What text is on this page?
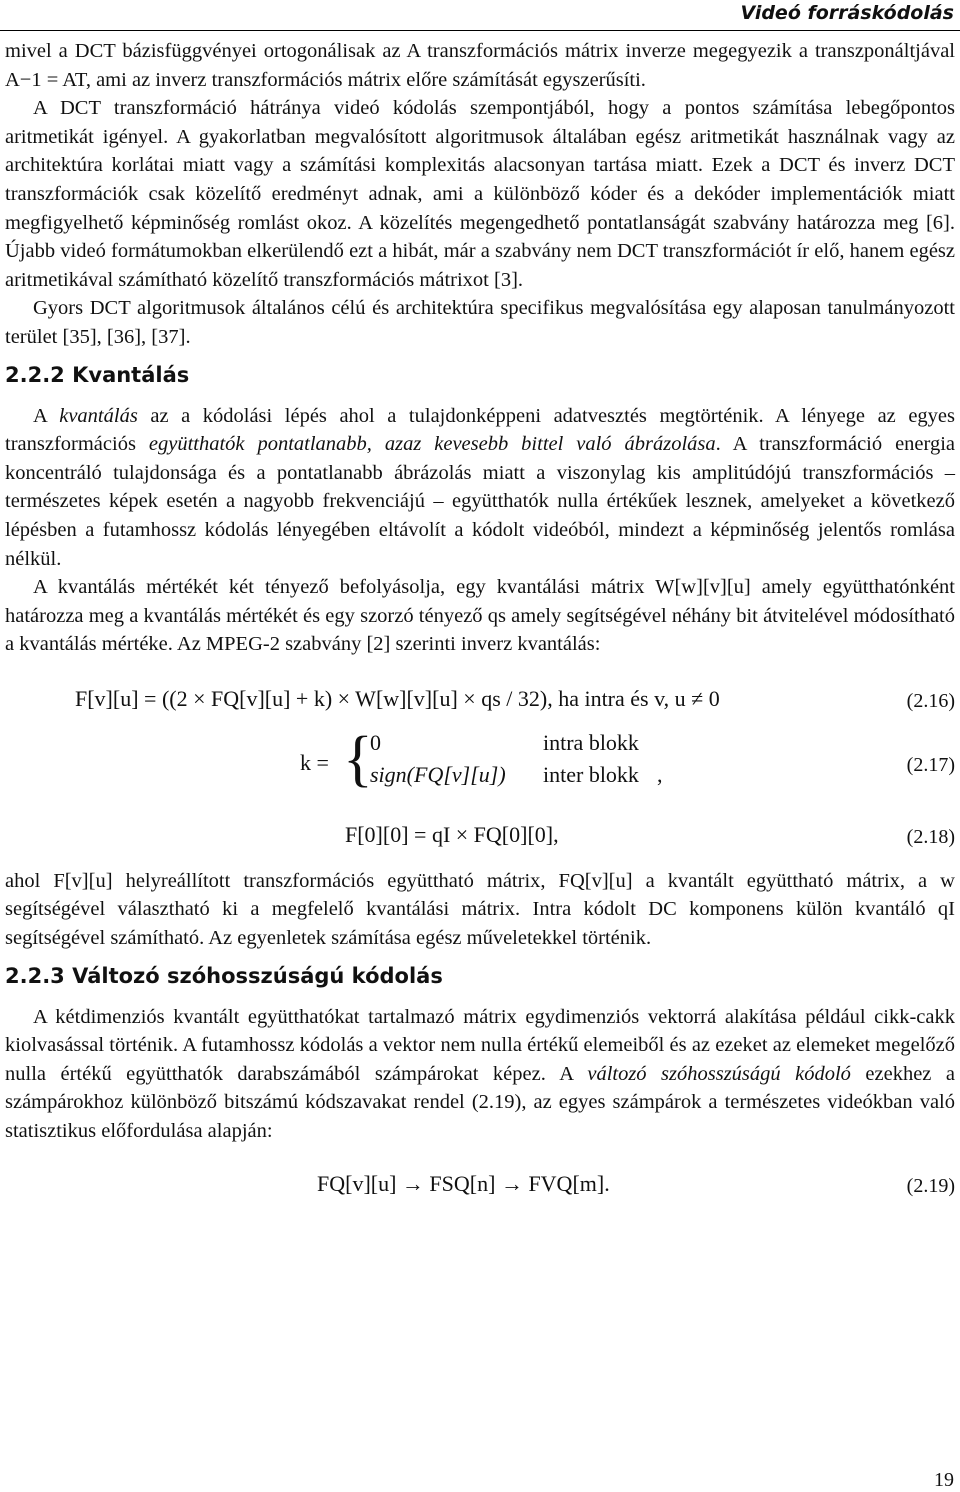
Videó forráskódolás

mivel a DCT bázisfüggvényei ortogonálisak az A transzformációs mátrix inverze megegyezik a transzponáltjával A−1 = AT, ami az inverz transzformációs mátrix előre számítását egyszerűsíti.

A DCT transzformáció hátránya videó kódolás szempontjából, hogy a pontos számítása lebegőpontos aritmetikát igényel. A gyakorlatban megvalósított algoritmusok általában egész aritmetikát használnak vagy az architektúra korlátai miatt vagy a számítási komplexitás alacsonyan tartása miatt. Ezek a DCT és inverz DCT transzformációk csak közelítő eredményt adnak, ami a különböző kóder és a dekóder implementációk miatt megfigyelhető képminőség romlást okoz. A közelítés megengedhető pontatlanságát szabvány határozza meg [6]. Újabb videó formátumokban elkerülendő ezt a hibát, már a szabvány nem DCT transzformációt ír elő, hanem egész aritmetikával számítható közelítő transzformációs mátrixot [3].

Gyors DCT algoritmusok általános célú és architektúra specifikus megvalósítása egy alaposan tanulmányozott terület [35], [36], [37].

2.2.2 Kvantálás

A kvantálás az a kódolási lépés ahol a tulajdonképpeni adatvesztés megtörténik. A lényege az egyes transzformációs együtthatók pontatlanabb, azaz kevesebb bittel való ábrázolása. A transzformáció energia koncentráló tulajdonsága és a pontatlanabb ábrázolás miatt a viszonylag kis amplitúdójú transzformációs – természetes képek esetén a nagyobb frekvenciájú – együtthatók nulla értékűek lesznek, amelyeket a következő lépésben a futamhossz kódolás lényegében eltávolít a kódolt videóból, mindezt a képminőség jelentős romlása nélkül.

A kvantálás mértékét két tényező befolyásolja, egy kvantálási mátrix W[w][v][u] amely együtthatónként határozza meg a kvantálás mértékét és egy szorzó tényező qs amely segítségével néhány bit átvitelével módosítható a kvantálás mértéke. Az MPEG-2 szabvány [2] szerinti inverz kvantálás:

F[v][u] = ((2 × FQ[v][u] + k) × W[w][v][u] × qs / 32), ha intra és v, u ≠ 0	(2.16)
k = {
0	intra blokk
sign(FQ[v][u]) inter blokk ,	(2.17)
F[0][0] = qI × FQ[0][0],	(2.18)

ahol F[v][u] helyreállított transzformációs együttható mátrix, FQ[v][u] a kvantált együttható mátrix, a w segítségével választható ki a megfelelő kvantálási mátrix. Intra kódolt DC komponens külön kvantáló qI segítségével számítható. Az egyenletek számítása egész műveletekkel történik.

2.2.3 Változó szóhosszúságú kódolás

A kétdimenziós kvantált együtthatókat tartalmazó mátrix egydimenziós vektorrá alakítása például cikk-cakk kiolvasással történik. A futamhossz kódolás a vektor nem nulla értékű elemeiből és az ezeket az elemeket megelőző nulla értékű együtthatók darabszámából számpárokat képez. A változó szóhosszúságú kódoló ezekhez a számpárokhoz különböző bitszámú kódszavakat rendel (2.19), az egyes számpárok a természetes videókban való statisztikus előfordulása alapján:

FQ[v][u] → FSQ[n] → FVQ[m].	(2.19)
19
